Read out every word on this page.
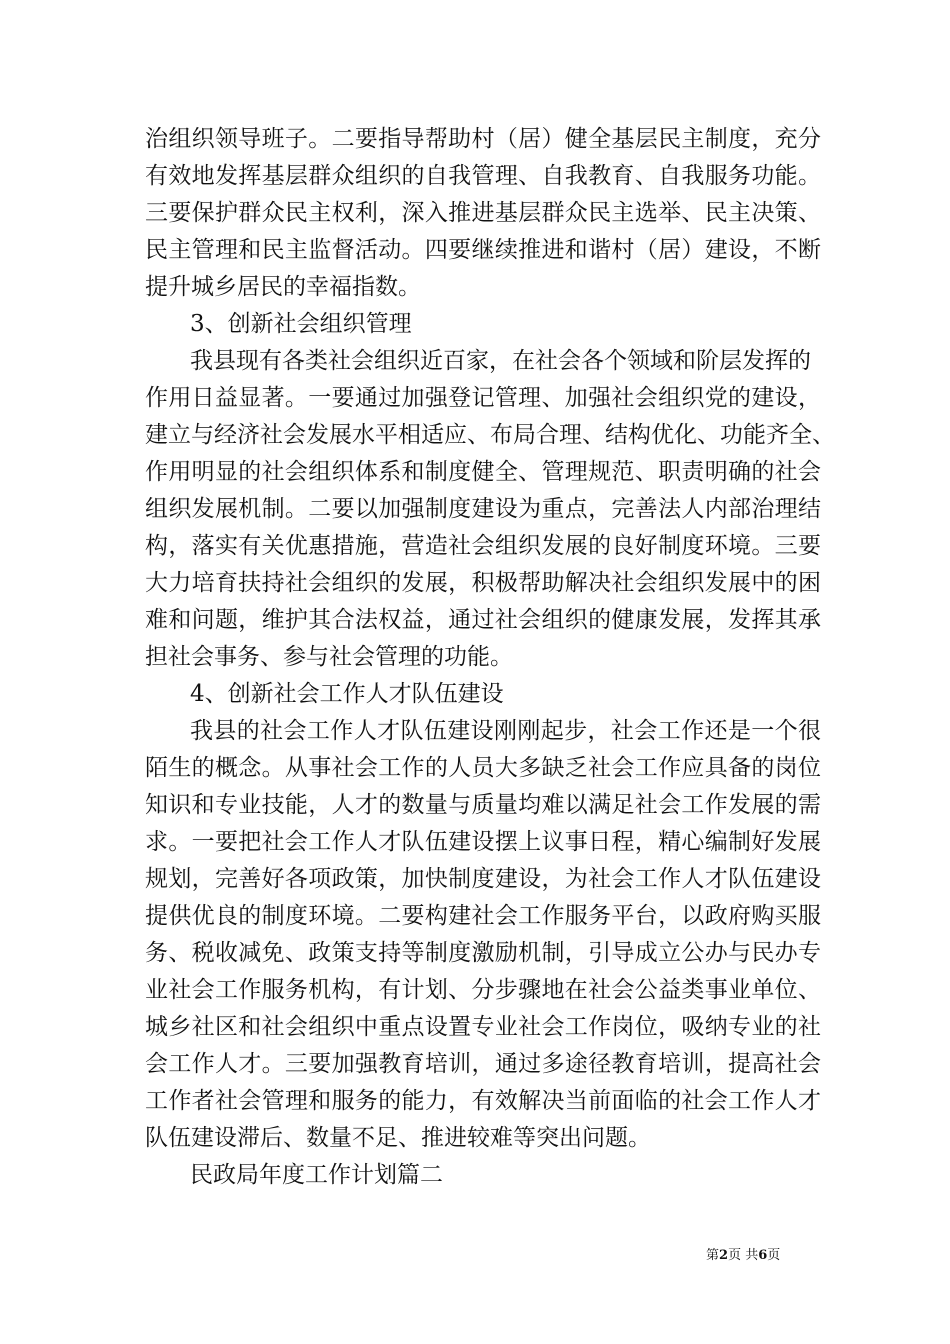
治组织领导班子。二要指导帮助村（居）健全基层民主制度，充分
有效地发挥基层群众组织的自我管理、自我教育、自我服务功能。
三要保护群众民主权利，深入推进基层群众民主选举、民主决策、
民主管理和民主监督活动。四要继续推进和谐村（居）建设，不断
提升城乡居民的幸福指数。
3、创新社会组织管理
我县现有各类社会组织近百家，在社会各个领域和阶层发挥的
作用日益显著。一要通过加强登记管理、加强社会组织党的建设，
建立与经济社会发展水平相适应、布局合理、结构优化、功能齐全、
作用明显的社会组织体系和制度健全、管理规范、职责明确的社会
组织发展机制。二要以加强制度建设为重点，完善法人内部治理结
构，落实有关优惠措施，营造社会组织发展的良好制度环境。三要
大力培育扶持社会组织的发展，积极帮助解决社会组织发展中的困
难和问题，维护其合法权益，通过社会组织的健康发展，发挥其承
担社会事务、参与社会管理的功能。
4、创新社会工作人才队伍建设
我县的社会工作人才队伍建设刚刚起步，社会工作还是一个很
陌生的概念。从事社会工作的人员大多缺乏社会工作应具备的岗位
知识和专业技能，人才的数量与质量均难以满足社会工作发展的需
求。一要把社会工作人才队伍建设摆上议事日程，精心编制好发展
规划，完善好各项政策，加快制度建设，为社会工作人才队伍建设
提供优良的制度环境。二要构建社会工作服务平台，以政府购买服
务、税收减免、政策支持等制度激励机制，引导成立公办与民办专
业社会工作服务机构，有计划、分步骤地在社会公益类事业单位、
城乡社区和社会组织中重点设置专业社会工作岗位，吸纳专业的社
会工作人才。三要加强教育培训，通过多途径教育培训，提高社会
工作者社会管理和服务的能力，有效解决当前面临的社会工作人才
队伍建设滞后、数量不足、推进较难等突出问题。
民政局年度工作计划篇二
第2页 共6页
